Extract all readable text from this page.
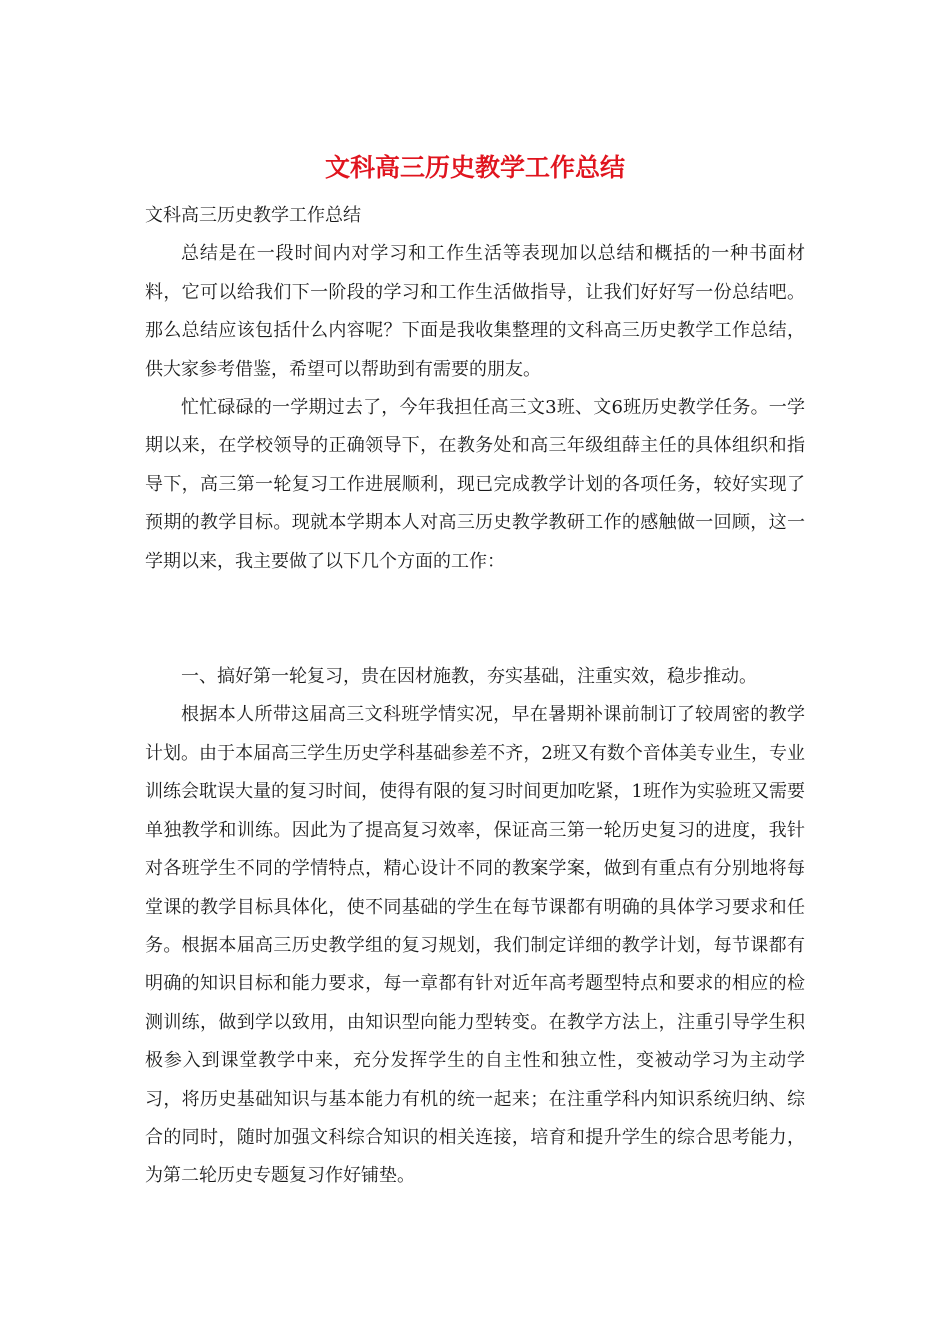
文科高三历史教学工作总结

文科高三历史教学工作总结

总结是在一段时间内对学习和工作生活等表现加以总结和概括的一种书面材料，它可以给我们下一阶段的学习和工作生活做指导，让我们好好写一份总结吧。那么总结应该包括什么内容呢？下面是我收集整理的文科高三历史教学工作总结，供大家参考借鉴，希望可以帮助到有需要的朋友。

忙忙碌碌的一学期过去了，今年我担任高三文3班、文6班历史教学任务。一学期以来，在学校领导的正确领导下，在教务处和高三年级组薛主任的具体组织和指导下，高三第一轮复习工作进展顺利，现已完成教学计划的各项任务，较好实现了预期的教学目标。现就本学期本人对高三历史教学教研工作的感触做一回顾，这一学期以来，我主要做了以下几个方面的工作：

一、搞好第一轮复习，贵在因材施教，夯实基础，注重实效，稳步推动。

根据本人所带这届高三文科班学情实况，早在暑期补课前制订了较周密的教学计划。由于本届高三学生历史学科基础参差不齐，2班又有数个音体美专业生，专业训练会耽误大量的复习时间，使得有限的复习时间更加吃紧，1班作为实验班又需要单独教学和训练。因此为了提高复习效率，保证高三第一轮历史复习的进度，我针对各班学生不同的学情特点，精心设计不同的教案学案，做到有重点有分别地将每堂课的教学目标具体化，使不同基础的学生在每节课都有明确的具体学习要求和任务。根据本届高三历史教学组的复习规划，我们制定详细的教学计划，每节课都有明确的知识目标和能力要求，每一章都有针对近年高考题型特点和要求的相应的检测训练，做到学以致用，由知识型向能力型转变。在教学方法上，注重引导学生积极参入到课堂教学中来，充分发挥学生的自主性和独立性，变被动学习为主动学习，将历史基础知识与基本能力有机的统一起来；在注重学科内知识系统归纳、综合的同时，随时加强文科综合知识的相关连接，培育和提升学生的综合思考能力，为第二轮历史专题复习作好铺垫。
